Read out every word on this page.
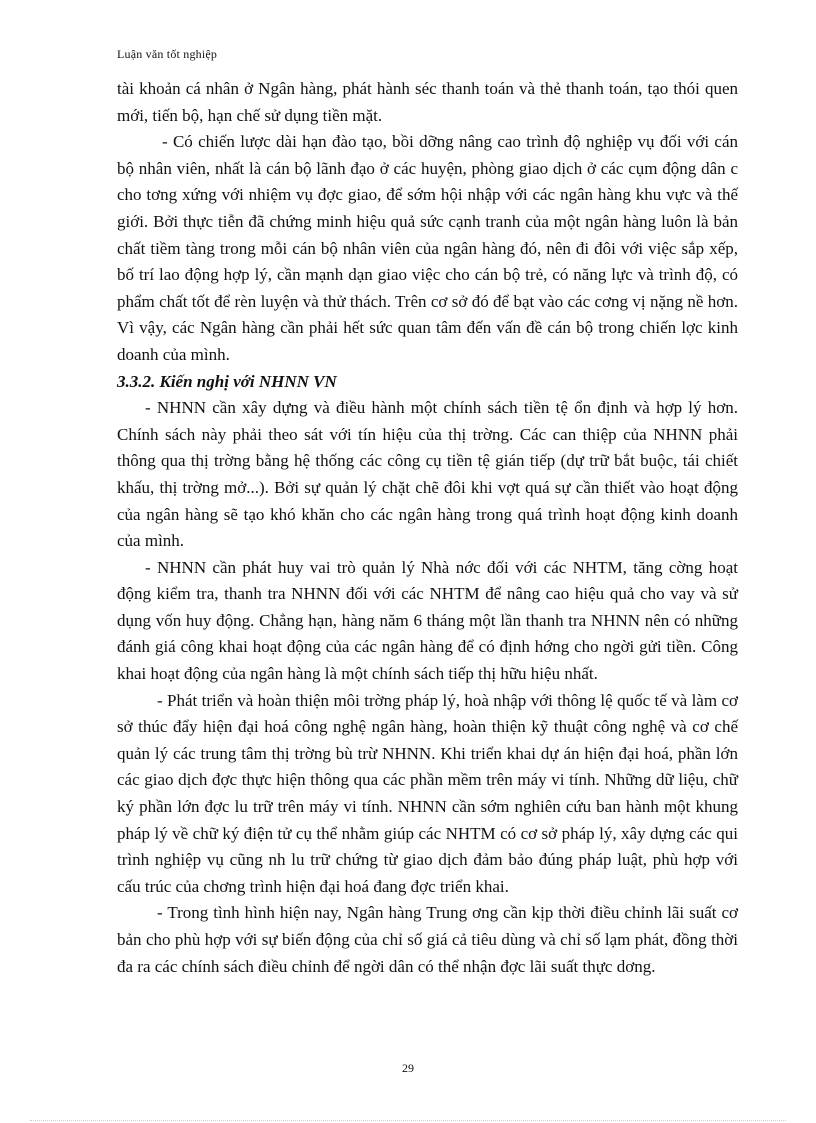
Luận văn tốt nghiệp

tài khoản cá nhân ở Ngân hàng, phát hành séc thanh toán và thẻ thanh toán, tạo thói quen mới, tiến bộ, hạn chế sử dụng tiền mặt.

- Có chiến lược dài hạn đào tạo, bồi dỡng nâng cao trình độ nghiệp vụ đối với cán bộ nhân viên, nhất là cán bộ lãnh đạo ở các huyện, phòng giao dịch ở các cụm động dân c cho tơng xứng với nhiệm vụ đợc giao, để sớm hội nhập với các ngân hàng khu vực và thế giới. Bởi thực tiễn đã chứng minh hiệu quả sức cạnh tranh của một ngân hàng luôn là bản chất tiềm tàng trong mỗi cán bộ nhân viên của ngân hàng đó, nên đi đôi với việc sắp xếp, bố trí lao động hợp lý, cần mạnh dạn giao việc cho cán bộ trẻ, có năng lực và trình độ, có phẩm chất tốt để rèn luyện và thử thách. Trên cơ sở đó để bạt vào các cơng vị nặng nề hơn. Vì vậy, các Ngân hàng cần phải hết sức quan tâm đến vấn đề cán bộ trong chiến lợc kinh doanh của mình.

3.3.2. Kiến nghị với NHNN VN

- NHNN cần xây dựng và điều hành một chính sách tiền tệ ổn định và hợp lý hơn. Chính sách này phải theo sát với tín hiệu của thị trờng. Các can thiệp của NHNN phải thông qua thị trờng bằng hệ thống các công cụ tiền tệ gián tiếp (dự trữ bắt buộc, tái chiết khấu, thị trờng mở...). Bởi sự quản lý chặt chẽ đôi khi vợt quá sự cần thiết vào hoạt động của ngân hàng sẽ tạo khó khăn cho các ngân hàng trong quá trình hoạt động kinh doanh của mình.

- NHNN cần phát huy vai trò quản lý Nhà nớc đối với các NHTM, tăng cờng hoạt động kiểm tra, thanh tra NHNN đối với các NHTM để nâng cao hiệu quả cho vay và sử dụng vốn huy động. Chẳng hạn, hàng năm 6 tháng một lần thanh tra NHNN nên có những đánh giá công khai hoạt động của các ngân hàng để có định hớng cho ngời gửi tiền. Công khai hoạt động của ngân hàng là một chính sách tiếp thị hữu hiệu nhất.

- Phát triển và hoàn thiện môi trờng pháp lý, hoà nhập với thông lệ quốc tế và làm cơ sở thúc đẩy hiện đại hoá công nghệ ngân hàng, hoàn thiện kỹ thuật công nghệ và cơ chế quản lý các trung tâm thị trờng bù trừ NHNN. Khi triển khai dự án hiện đại hoá, phần lớn các giao dịch đợc thực hiện thông qua các phần mềm trên máy vi tính. Những dữ liệu, chữ ký phần lớn đợc lu trữ trên máy vi tính. NHNN cần sớm nghiên cứu ban hành một khung pháp lý về chữ ký điện tử cụ thể nhằm giúp các NHTM có cơ sở pháp lý, xây dựng các qui trình nghiệp vụ cũng nh lu trữ chứng từ giao dịch đảm bảo đúng pháp luật, phù hợp với cấu trúc của chơng trình hiện đại hoá đang đợc triển khai.

- Trong tình hình hiện nay, Ngân hàng Trung ơng cần kịp thời điều chỉnh lãi suất cơ bản cho phù hợp với sự biến động của chỉ số giá cả tiêu dùng và chỉ số lạm phát, đồng thời đa ra các chính sách điều chỉnh để ngời dân có thể nhận đợc lãi suất thực dơng.

29
